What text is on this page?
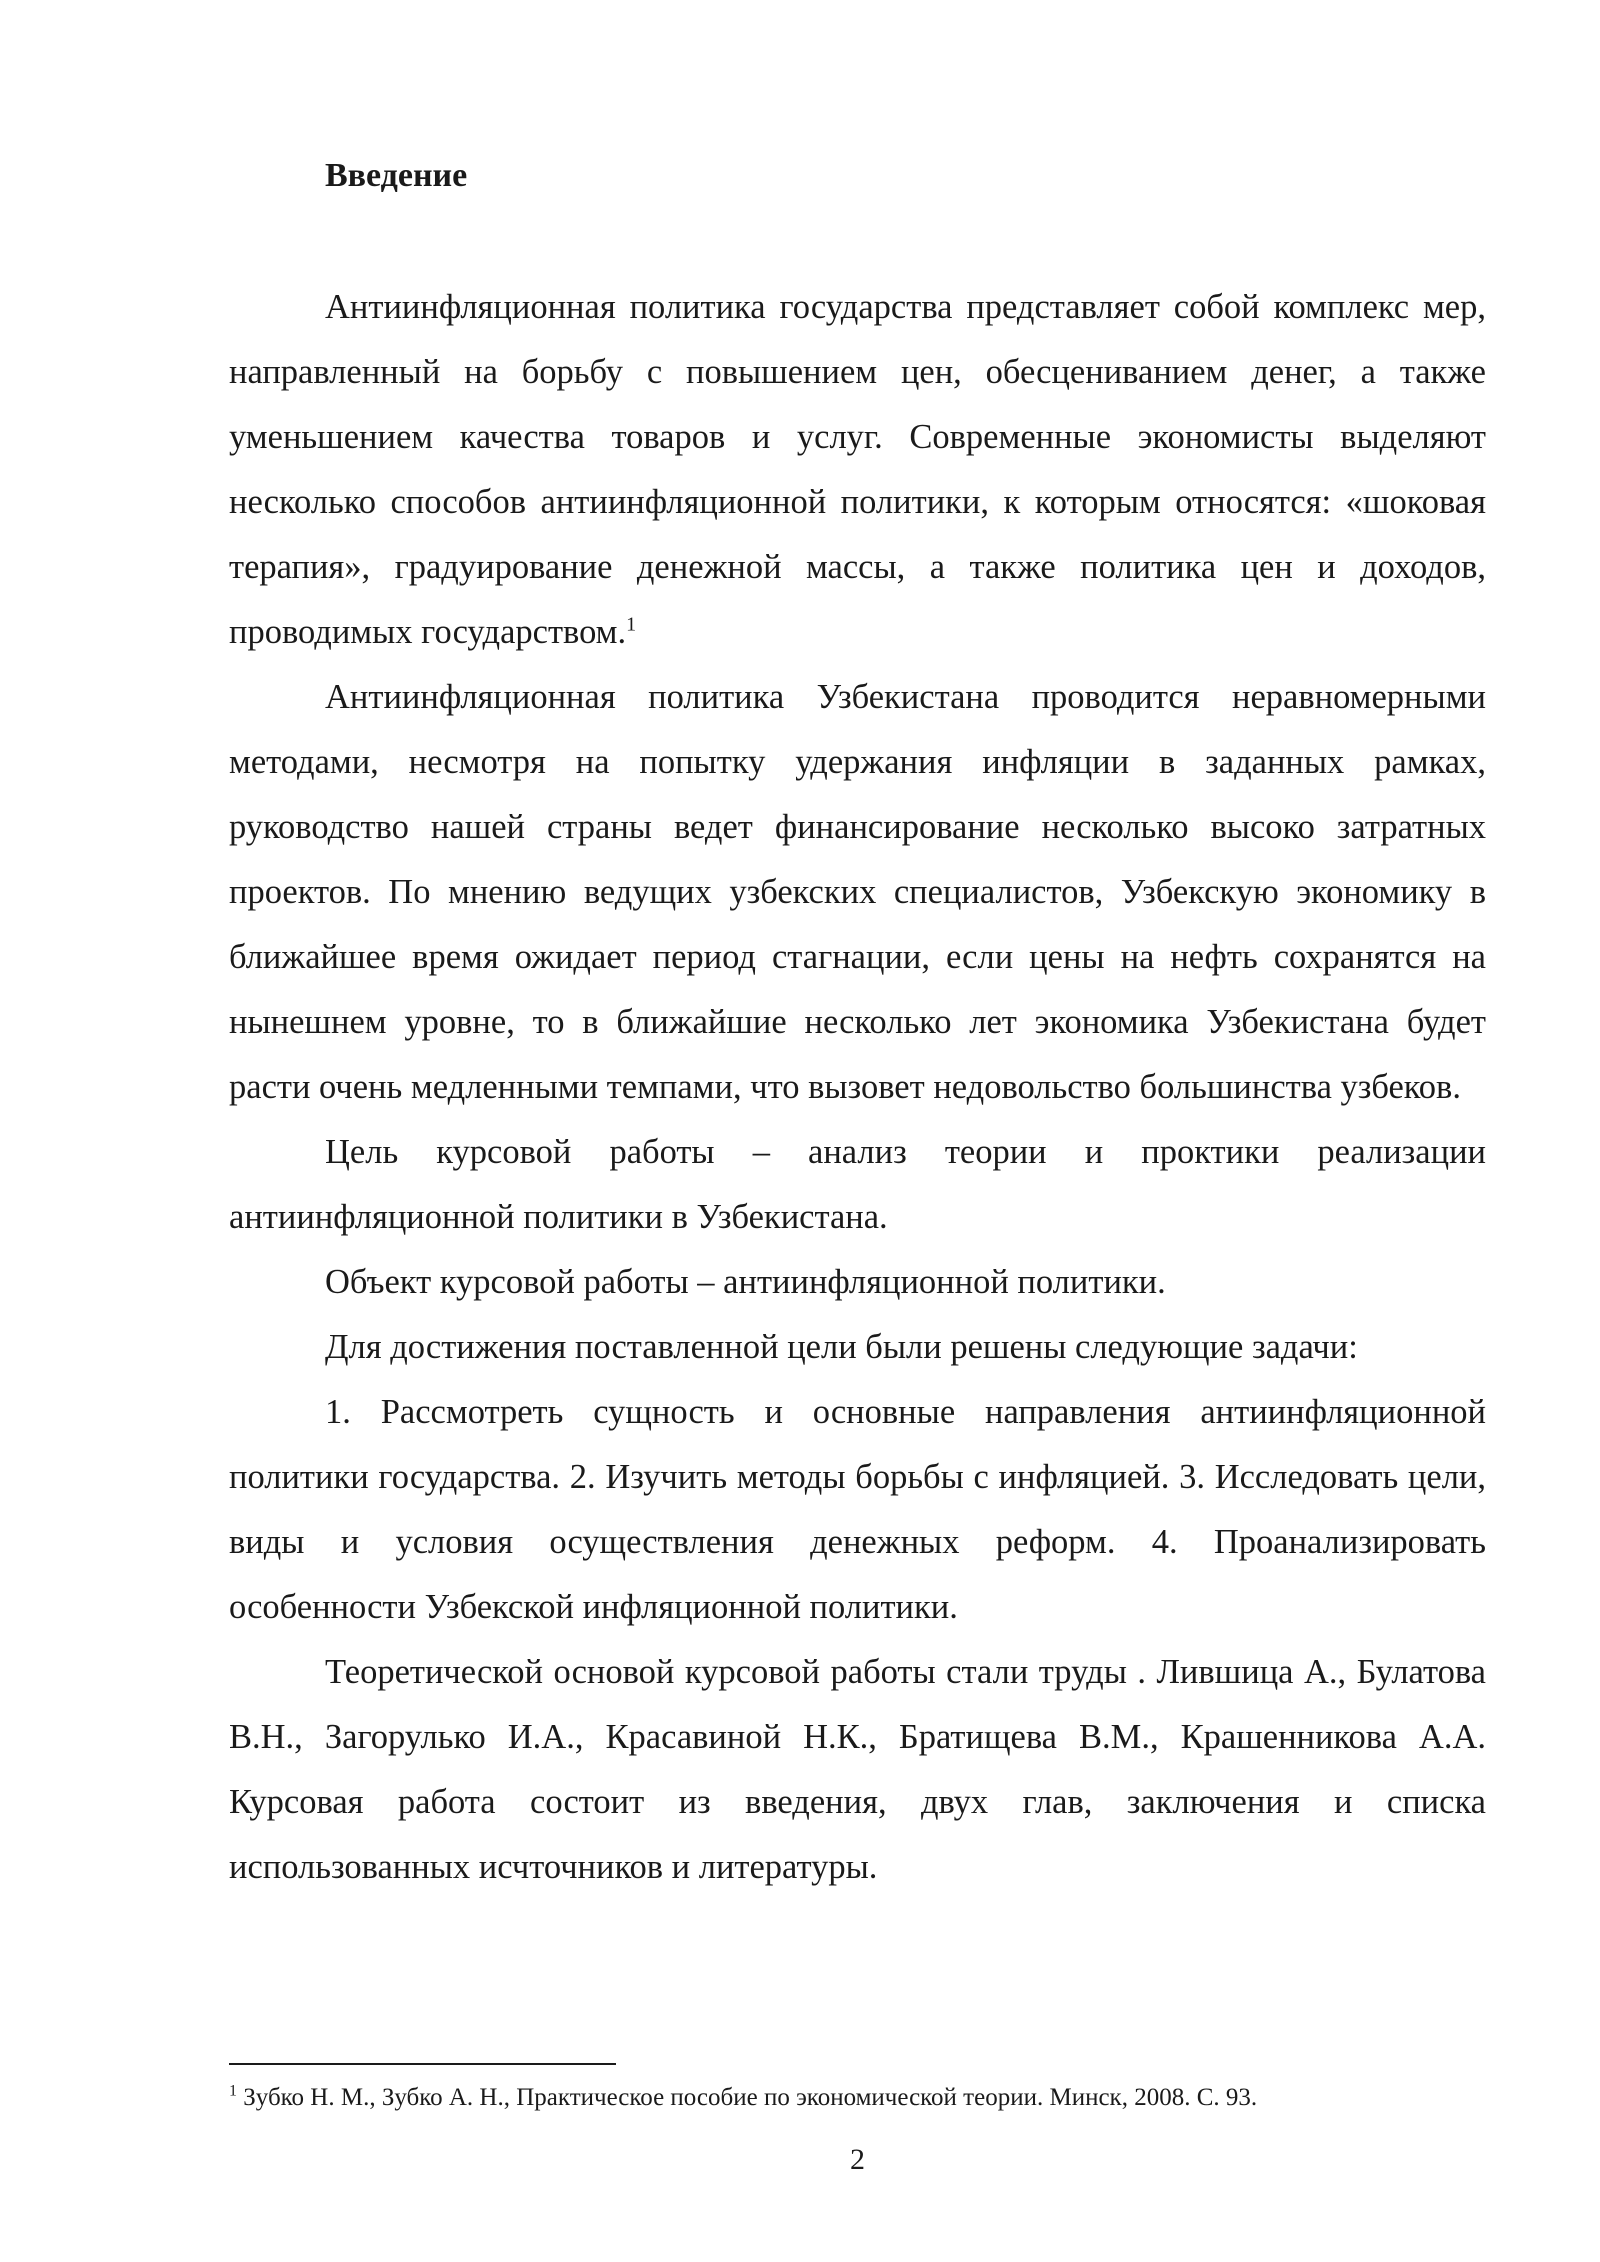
Введение

Антиинфляционная политика государства представляет собой комплекс мер, направленный на борьбу с повышением цен, обесцениванием денег, а также уменьшением качества товаров и услуг. Современные экономисты выделяют несколько способов антиинфляционной политики, к которым относятся: «шоковая терапия», градуирование денежной массы, а также политика цен и доходов, проводимых государством.$^1$

Антиинфляционная политика Узбекистана проводится неравномерными методами, несмотря на попытку удержания инфляции в заданных рамках, руководство нашей страны ведет финансирование несколько высоко затратных проектов. По мнению ведущих узбекских специалистов, Узбекскую экономику в ближайшее время ожидает период стагнации, если цены на нефть сохранятся на нынешнем уровне, то в ближайшие несколько лет экономика Узбекистана будет расти очень медленными темпами, что вызовет недовольство большинства узбеков.

Цель курсовой работы – анализ теории и проктики реализации антиинфляционной политики в Узбекистана.

Объект курсовой работы – антиинфляционной политики.

Для достижения поставленной цели были решены следующие задачи:

1. Рассмотреть сущность и основные направления антиинфляционной политики государства. 2. Изучить методы борьбы с инфляцией. 3. Исследовать цели, виды и условия осуществления денежных реформ. 4. Проанализировать особенности Узбекской инфляционной политики.

Теоретической основой курсовой работы стали труды . Лившица А., Булатова В.Н., Загорулько И.А., Красавиной Н.К., Братищева В.М., Крашенникова А.А. Курсовая работа состоит из введения, двух глав, заключения и списка использованных исчточников и литературы.

$^1$ Зубко Н. М., Зубко А. Н., Практическое пособие по экономической теории. Минск, 2008. С. 93.

2
